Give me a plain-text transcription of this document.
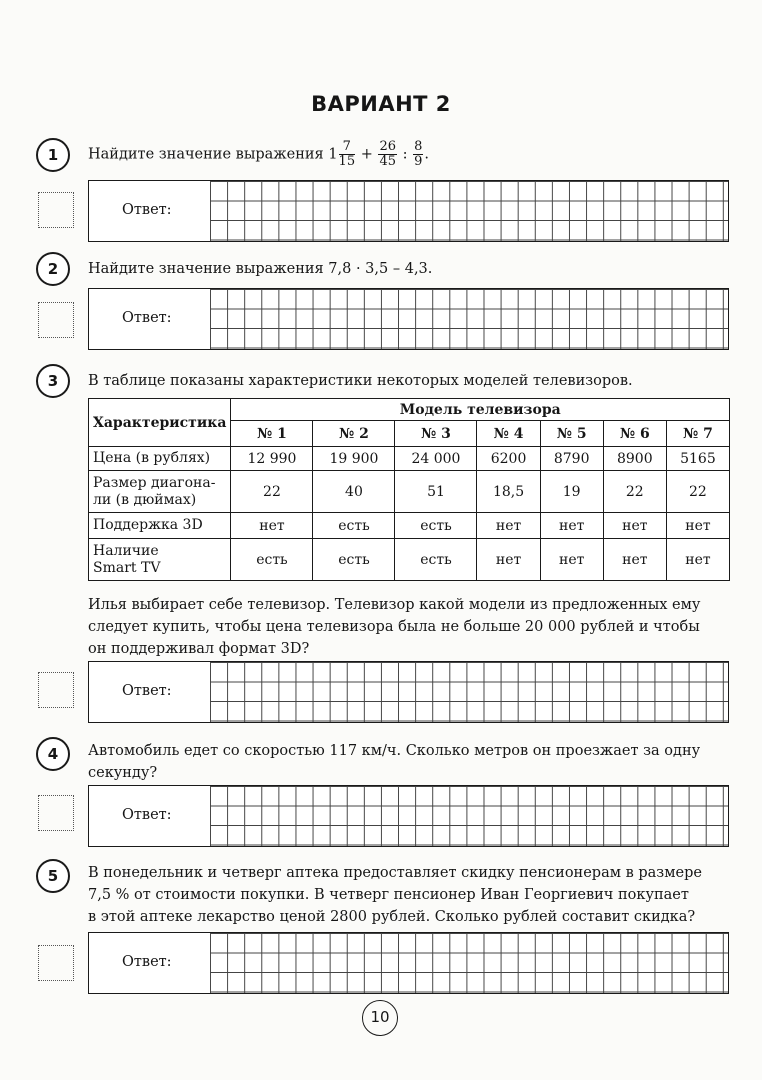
ВАРИАНТ 2
1	Найдите значение выражения $1 \frac{7}{15} + \frac{26}{45}$ : $\frac{8}{9}$ .
Ответ:
2	Найдите значение выражения 7,8 · 3,5 – 4,3.
Ответ:
3	В таблице показаны характеристики некоторых моделей телевизоров.
Характеристика	Модель телевизора						
	№ 1	№ 2	№ 3	№ 4	№ 5	№ 6	№ 7
Цена (в рублях)	12 990	19 900	24 000	6200	8790	8900	5165
Размер диагона-
ли (в дюймах)	22	40	51	18,5	19	22	22
Поддержка 3D	нет	есть	есть	нет	нет	нет	нет
Наличие
Smart TV	есть	есть	есть	нет	нет	нет	нет
Илья выбирает себе телевизор. Телевизор какой модели из предложенных ему
следует купить, чтобы цена телевизора была не больше 20 000 рублей и чтобы
он поддерживал формат 3D?
Ответ:
4	Автомобиль едет со скоростью 117 км/ч. Сколько метров он проезжает за одну
секунду?
Ответ:
5	В понедельник и четверг аптека предоставляет скидку пенсионерам в размере
7,5 % от стоимости покупки. В четверг пенсионер Иван Георгиевич покупает
в этой аптеке лекарство ценой 2800 рублей. Сколько рублей составит скидка?
Ответ:
10
